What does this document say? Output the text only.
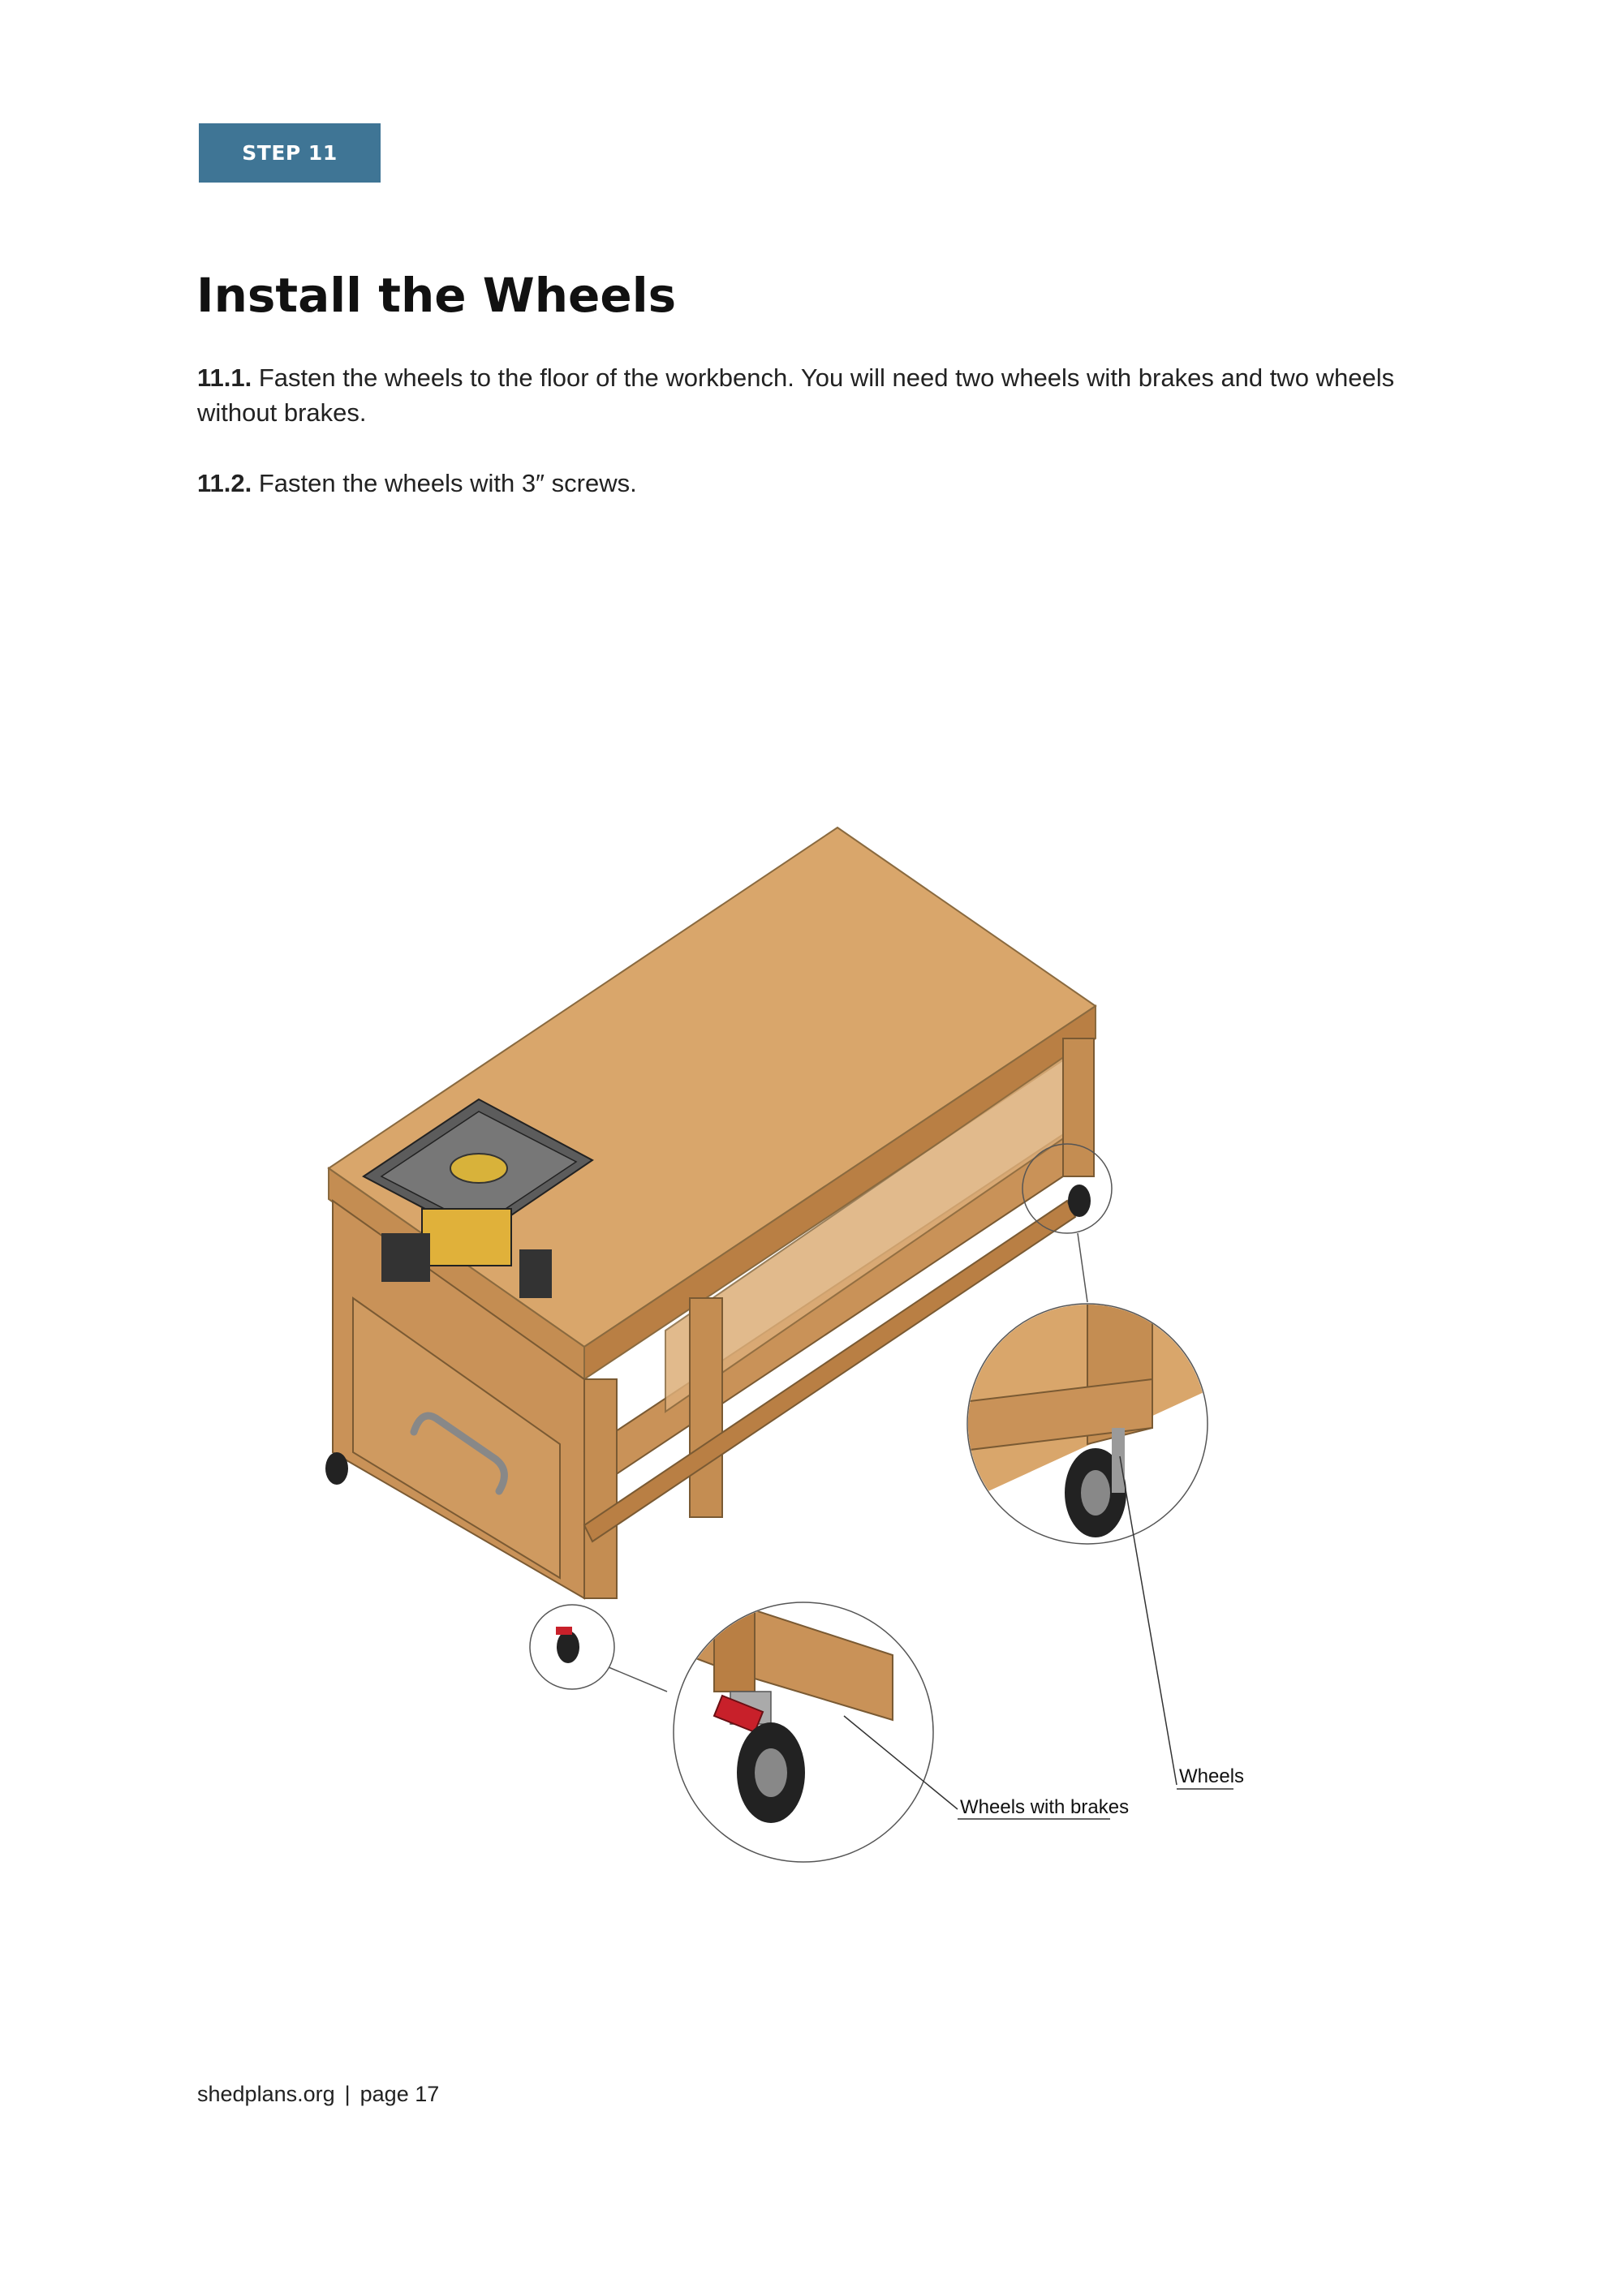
STEP 11
Install the Wheels

11.1. Fasten the wheels to the floor of the workbench. You will need two wheels with brakes and two wheels without brakes.

11.2. Fasten the wheels with 3″ screws.

Wheels
Wheels with brakes
shedplans.org | page 17
